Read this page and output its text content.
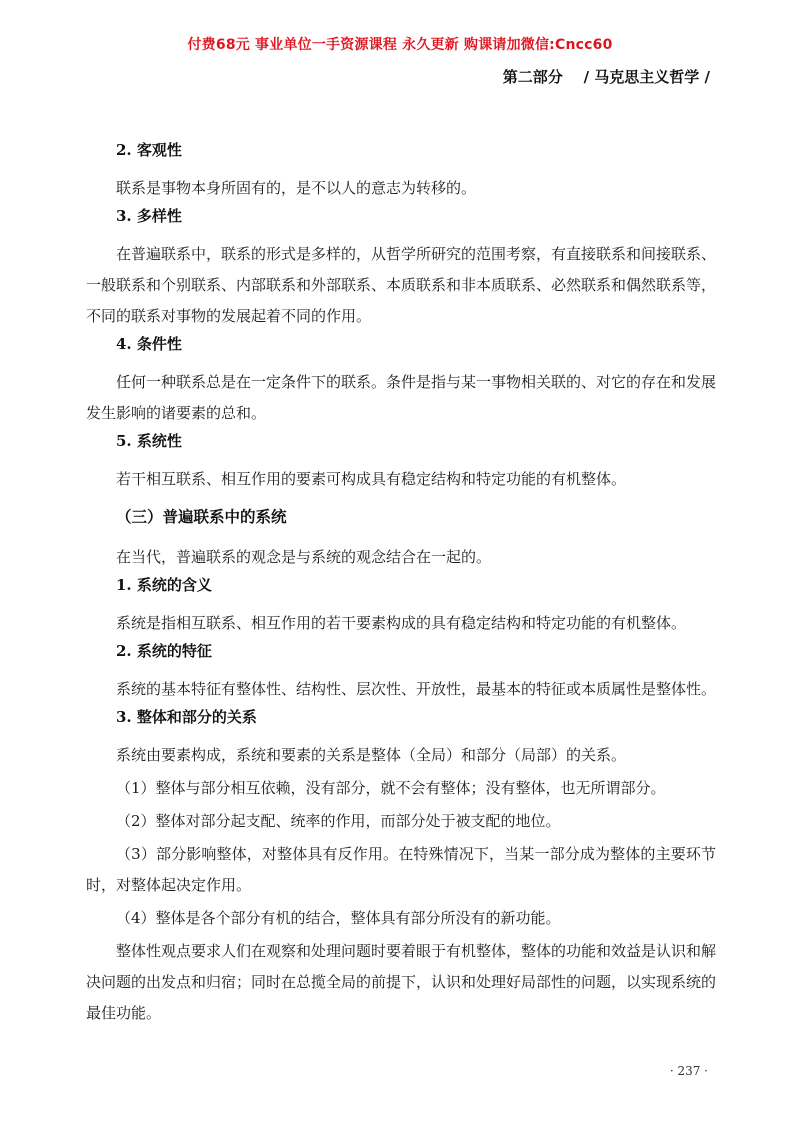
付费68元 事业单位一手资源课程 永久更新 购课请加微信:Cncc60
第二部分    / 马克思主义哲学 /
2. 客观性

联系是事物本身所固有的，是不以人的意志为转移的。

3. 多样性

在普遍联系中，联系的形式是多样的，从哲学所研究的范围考察，有直接联系和间接联系、一般联系和个别联系、内部联系和外部联系、本质联系和非本质联系、必然联系和偶然联系等，不同的联系对事物的发展起着不同的作用。

4. 条件性

任何一种联系总是在一定条件下的联系。条件是指与某一事物相关联的、对它的存在和发展发生影响的诸要素的总和。

5. 系统性

若干相互联系、相互作用的要素可构成具有稳定结构和特定功能的有机整体。

（三）普遍联系中的系统

在当代，普遍联系的观念是与系统的观念结合在一起的。

1. 系统的含义

系统是指相互联系、相互作用的若干要素构成的具有稳定结构和特定功能的有机整体。

2. 系统的特征

系统的基本特征有整体性、结构性、层次性、开放性，最基本的特征或本质属性是整体性。

3. 整体和部分的关系

系统由要素构成，系统和要素的关系是整体（全局）和部分（局部）的关系。

（1）整体与部分相互依赖，没有部分，就不会有整体；没有整体，也无所谓部分。

（2）整体对部分起支配、统率的作用，而部分处于被支配的地位。

（3）部分影响整体，对整体具有反作用。在特殊情况下，当某一部分成为整体的主要环节时，对整体起决定作用。

（4）整体是各个部分有机的结合，整体具有部分所没有的新功能。

整体性观点要求人们在观察和处理问题时要着眼于有机整体，整体的功能和效益是认识和解决问题的出发点和归宿；同时在总揽全局的前提下，认识和处理好局部性的问题，以实现系统的最佳功能。

· 237 ·
